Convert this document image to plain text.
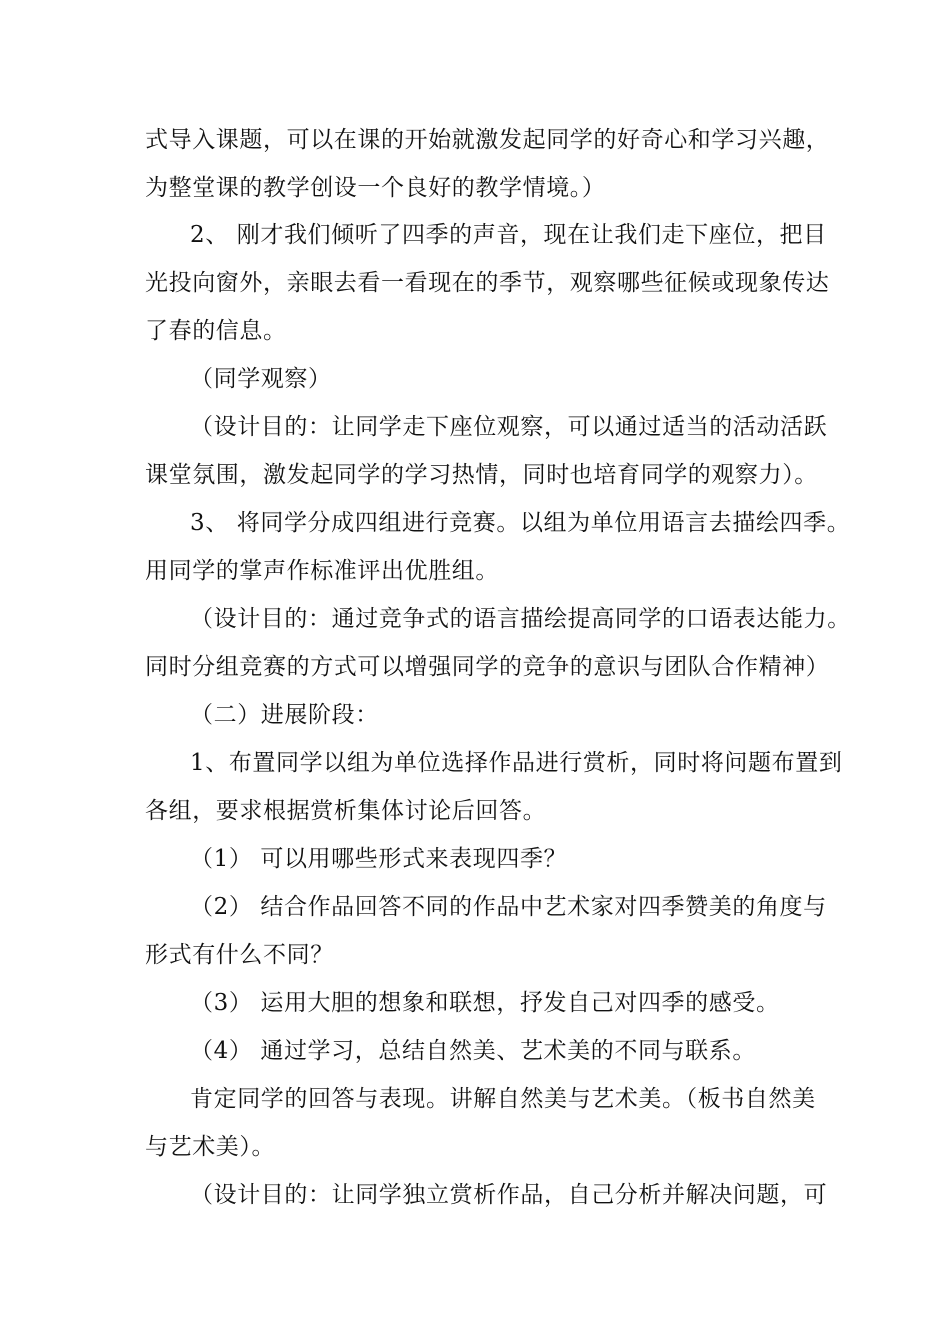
式导入课题，可以在课的开始就激发起同学的好奇心和学习兴趣，
为整堂课的教学创设一个良好的教学情境。）
2、 刚才我们倾听了四季的声音，现在让我们走下座位，把目
光投向窗外，亲眼去看一看现在的季节，观察哪些征候或现象传达
了春的信息。
（同学观察）
（设计目的：让同学走下座位观察，可以通过适当的活动活跃
课堂氛围，激发起同学的学习热情，同时也培育同学的观察力）。
3、 将同学分成四组进行竞赛。以组为单位用语言去描绘四季。
用同学的掌声作标准评出优胜组。
（设计目的：通过竞争式的语言描绘提高同学的口语表达能力。
同时分组竞赛的方式可以增强同学的竞争的意识与团队合作精神）
（二）进展阶段：
1、布置同学以组为单位选择作品进行赏析，同时将问题布置到
各组，要求根据赏析集体讨论后回答。
（1） 可以用哪些形式来表现四季？
（2） 结合作品回答不同的作品中艺术家对四季赞美的角度与
形式有什么不同？
（3） 运用大胆的想象和联想，抒发自己对四季的感受。
（4） 通过学习，总结自然美、艺术美的不同与联系。
肯定同学的回答与表现。讲解自然美与艺术美。（板书自然美
与艺术美）。
（设计目的：让同学独立赏析作品，自己分析并解决问题，可
